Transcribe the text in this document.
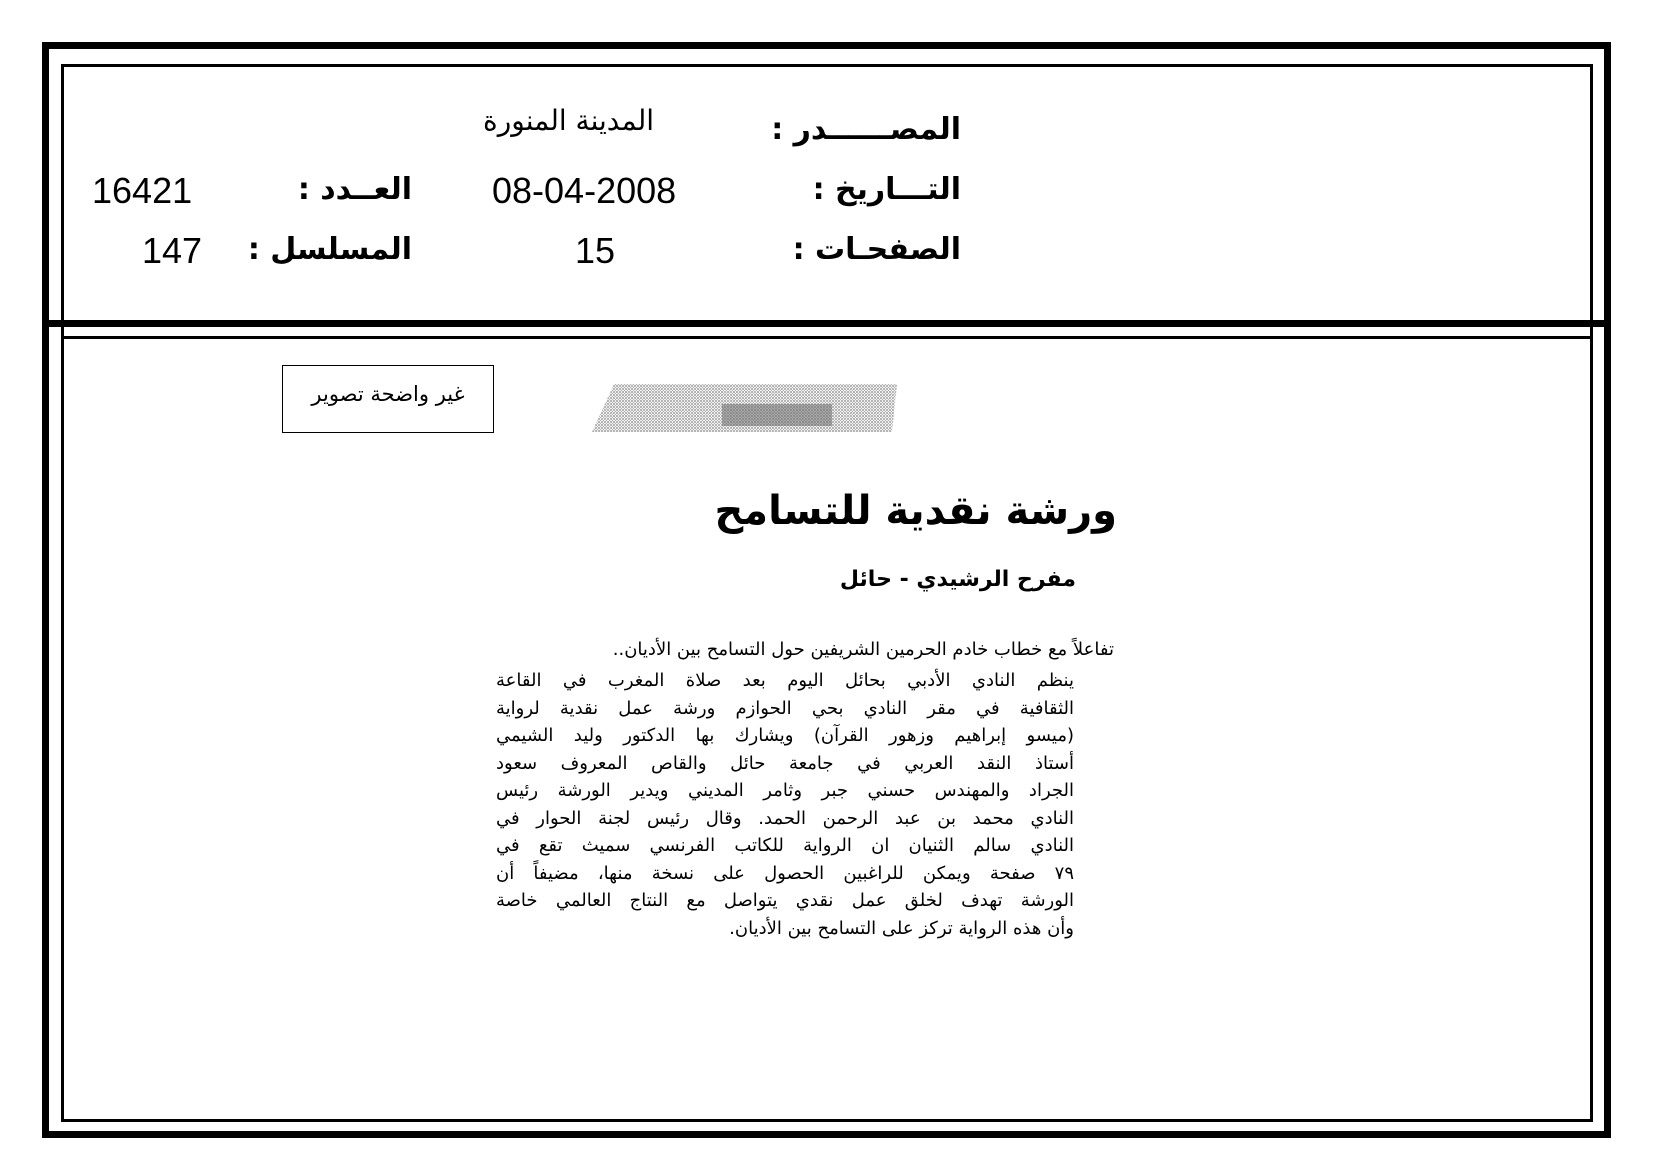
المصــــــدر :
المدينة المنورة
التـــاريخ :
08-04-2008
العــدد :
16421
الصفحـات :
15
المسلسل :
147
غير واضحة تصوير
ورشة نقدية للتسامح
مفرح الرشيدي - حائل
تفاعلاً مع خطاب خادم الحرمين الشريفين حول التسامح بين الأديان..

ينظم النادي الأدبي بحائل اليوم بعد صلاة المغرب في القاعة
الثقافية في مقر النادي بحي الحوازم ورشة عمل نقدية لرواية
(ميسو إبراهيم وزهور القرآن) ويشارك بها الدكتور وليد الشيمي
أستاذ النقد العربي في جامعة حائل والقاص المعروف سعود
الجراد والمهندس حسني جبر وثامر المديني ويدير الورشة رئيس
النادي محمد بن عبد الرحمن الحمد. وقال رئيس لجنة الحوار في
النادي سالم الثنيان ان الرواية للكاتب الفرنسي سميث تقع في
٧٩ صفحة ويمكن للراغبين الحصول على نسخة منها، مضيفاً أن
الورشة تهدف لخلق عمل نقدي يتواصل مع النتاج العالمي خاصة
وأن هذه الرواية تركز على التسامح بين الأديان.
